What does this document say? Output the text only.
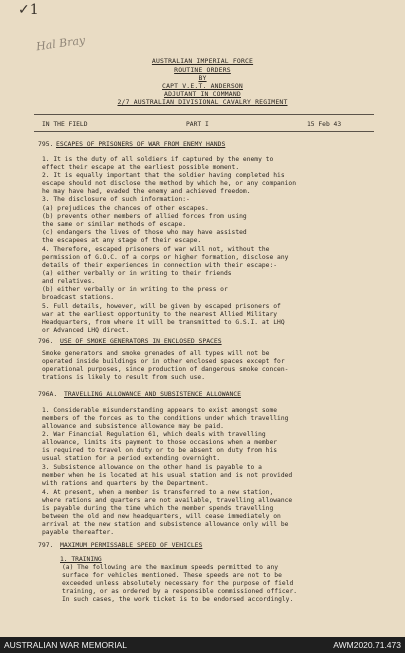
✓1
Hal Bray
AUSTRALIAN IMPERIAL FORCE
ROUTINE ORDERS
BY
CAPT V.E.T. ANDERSON
ADJUTANT IN COMMAND
2/7 AUSTRALIAN DIVISIONAL CAVALRY REGIMENT
IN THE FIELD	PART I	15 Feb 43
795. ESCAPES OF PRISONERS OF WAR FROM ENEMY HANDS
1. It is the duty of all soldiers if captured by the enemy to
effect their escape at the earliest possible moment.
2. It is equally important that the soldier having completed his
escape should not disclose the method by which he, or any companion
he may have had, evaded the enemy and achieved freedom.
3. The disclosure of such information:-
(a) prejudices the chances of other escapes.
(b) prevents other members of allied forces from using
the same or similar methods of escape.
(c) endangers the lives of those who may have assisted
the escapees at any stage of their escape.
4. Therefore, escaped prisoners of war will not, without the
permission of G.O.C. of a corps or higher formation, disclose any
details of their experiences in connection with their escape:-
(a) either verbally or in writing to their friends
and relatives.
(b) either verbally or in writing to the press or
broadcast stations.
5. Full details, however, will be given by escaped prisoners of
war at the earliest opportunity to the nearest Allied Military
Headquarters, from where it will be transmitted to G.S.I. at LHQ
or Advanced LHQ direct.
796. USE OF SMOKE GENERATORS IN ENCLOSED SPACES
Smoke generators and smoke grenades of all types will not be
operated inside buildings or in other enclosed spaces except for
operational purposes, since production of dangerous smoke concen-
trations is likely to result from such use.
796A. TRAVELLING ALLOWANCE AND SUBSISTENCE ALLOWANCE
1. Considerable misunderstanding appears to exist amongst some
members of the forces as to the conditions under which travelling
allowance and subsistence allowance may be paid.
2. War Financial Regulation 61, which deals with travelling
allowance, limits its payment to those occasions when a member
is required to travel on duty or to be absent on duty from his
usual station for a period extending overnight.
3. Subsistence allowance on the other hand is payable to a
member when he is located at his usual station and is not provided
with rations and quarters by the Department.
4. At present, when a member is transferred to a new station,
where rations and quarters are not available, travelling allowance
is payable during the time which the member spends travelling
between the old and new headquarters, will cease immediately on
arrival at the new station and subsistence allowance only will be
payable thereafter.
797. MAXIMUM PERMISSABLE SPEED OF VEHICLES
1. TRAINING
(a) The following are the maximum speeds permitted to any
surface for vehicles mentioned. These speeds are not to be
exceeded unless absolutely necessary for the purpose of field
training, or as ordered by a responsible commissioned officer.
In such cases, the work ticket is to be endorsed accordingly.
AUSTRALIAN WAR MEMORIAL	AWM2020.71.473
